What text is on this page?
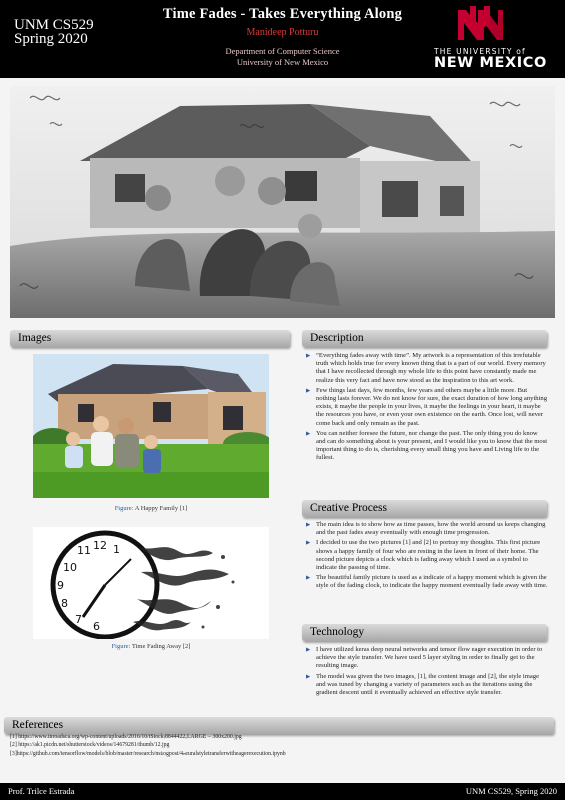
UNM CS529
Spring 2020
Time Fades - Takes Everything Along
Manideep Potturu
Department of Computer Science
University of New Mexico
THE UNIVERSITY of
NEW MEXICO
Images
Figure: A Happy Family [1]
12 1
11
10
9
8
7
6
Figure: Time Fading Away [2]
Description
▶ “Everything fades away with time”. My artwork is a representation of this irrefutable truth which holds true for every known thing that is a part of our world. Every memory that I have recollected through my whole life to this point have constantly made me realize this very fact and have now stood as the inspiration to this art work.
▶ Few things last days, few months, few years and others maybe a little more. But nothing lasts forever. We do not know for sure, the exact duration of how long anything exists, it maybe the people in your lives, it maybe the feelings in your heart, it maybe the resources you have, or even your own existence on the earth. Once lost, will never come back and only remain as the past.
▶ You can neither foresee the future, nor change the past. The only thing you do know and can do something about is your present, and I would like you to know that the most important thing to do is, cherishing every small thing you have and Living life to the fullest.
Creative Process
▶ The main idea is to show how as time passes, how the world around us keeps changing and the past fades away eventually with enough time progression.
▶ I decided to use the two pictures [1] and [2] to portray my thoughts. This first picture shows a happy family of four who are resting in the lawn in front of their home. The second picture depicts a clock which is fading away which I used as a symbol to indicate the passing of time.
▶ The beautiful family picture is used as a indicate of a happy moment which is given the style of the fading clock, to indicate the happy moment eventually fade away with time.
Technology
▶ I have utilized keras deep neural networks and tensor flow eager execution in order to achieve the style transfer. We have used 5 layer styling in order to finally get to the resulting image.
▶ The model was given the two images, [1], the content image and [2], the style image and was tuned by changing a variety of parameters such as the iterations using the gradient descent until it eventually achieved an effective style transfer.
References
[1] https://www.inroadsca.org/wp-content/uploads/2016/10/iStock₍8844422ₓLARGE − 300x200.jpg
[2] https://ak1.picdn.net/shutterstock/videos/14679281/thumb/12.jpg
[3]https://github.com/tensorflow/models/blob/master/research/nstₗogpost/4ₙeuralstyletransferwitheagerexecution.ipynb
Prof. Trilce Estrada	UNM CS529, Spring 2020
